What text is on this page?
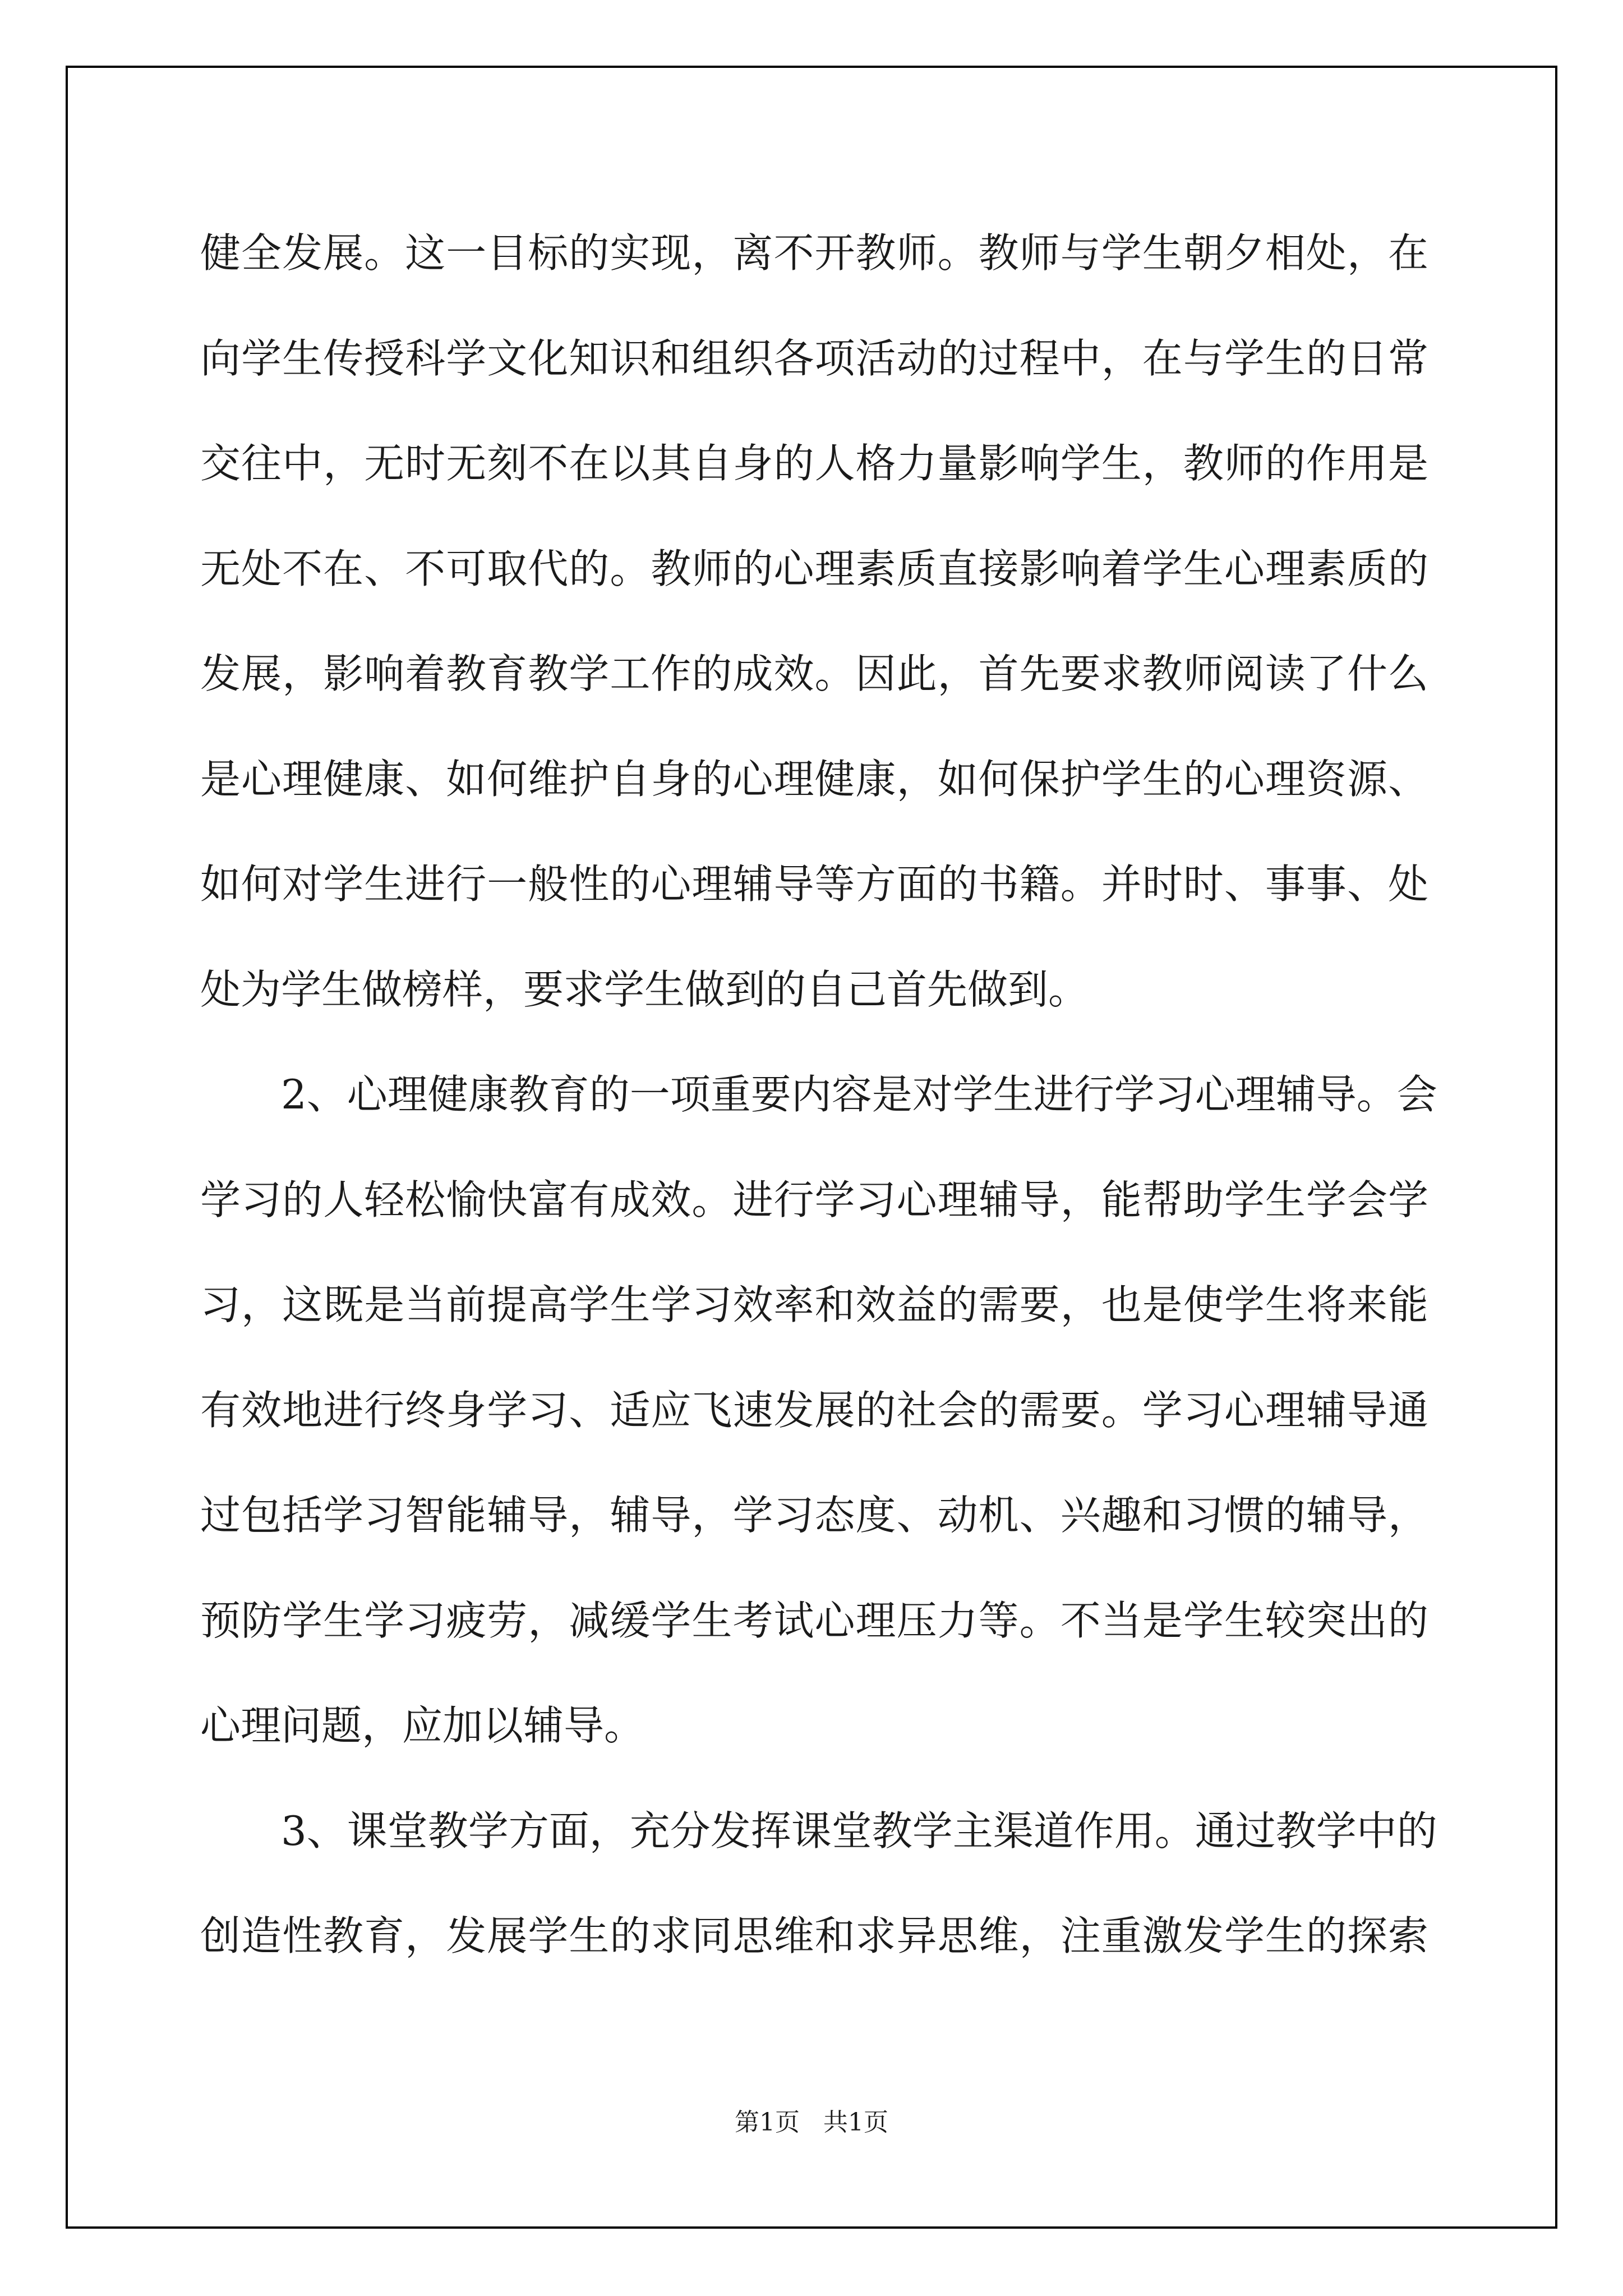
健全发展。这一目标的实现，离不开教师。教师与学生朝夕相处，在
向学生传授科学文化知识和组织各项活动的过程中，在与学生的日常
交往中，无时无刻不在以其自身的人格力量影响学生，教师的作用是
无处不在、不可取代的。教师的心理素质直接影响着学生心理素质的
发展，影响着教育教学工作的成效。因此，首先要求教师阅读了什么
是心理健康、如何维护自身的心理健康，如何保护学生的心理资源、
如何对学生进行一般性的心理辅导等方面的书籍。并时时、事事、处
处为学生做榜样，要求学生做到的自己首先做到。
2、心理健康教育的一项重要内容是对学生进行学习心理辅导。会
学习的人轻松愉快富有成效。进行学习心理辅导，能帮助学生学会学
习，这既是当前提高学生学习效率和效益的需要，也是使学生将来能
有效地进行终身学习、适应飞速发展的社会的需要。学习心理辅导通
过包括学习智能辅导，辅导，学习态度、动机、兴趣和习惯的辅导，
预防学生学习疲劳，减缓学生考试心理压力等。不当是学生较突出的
心理问题，应加以辅导。
3、课堂教学方面，充分发挥课堂教学主渠道作用。通过教学中的
创造性教育，发展学生的求同思维和求异思维，注重激发学生的探索
第1页   共1页
